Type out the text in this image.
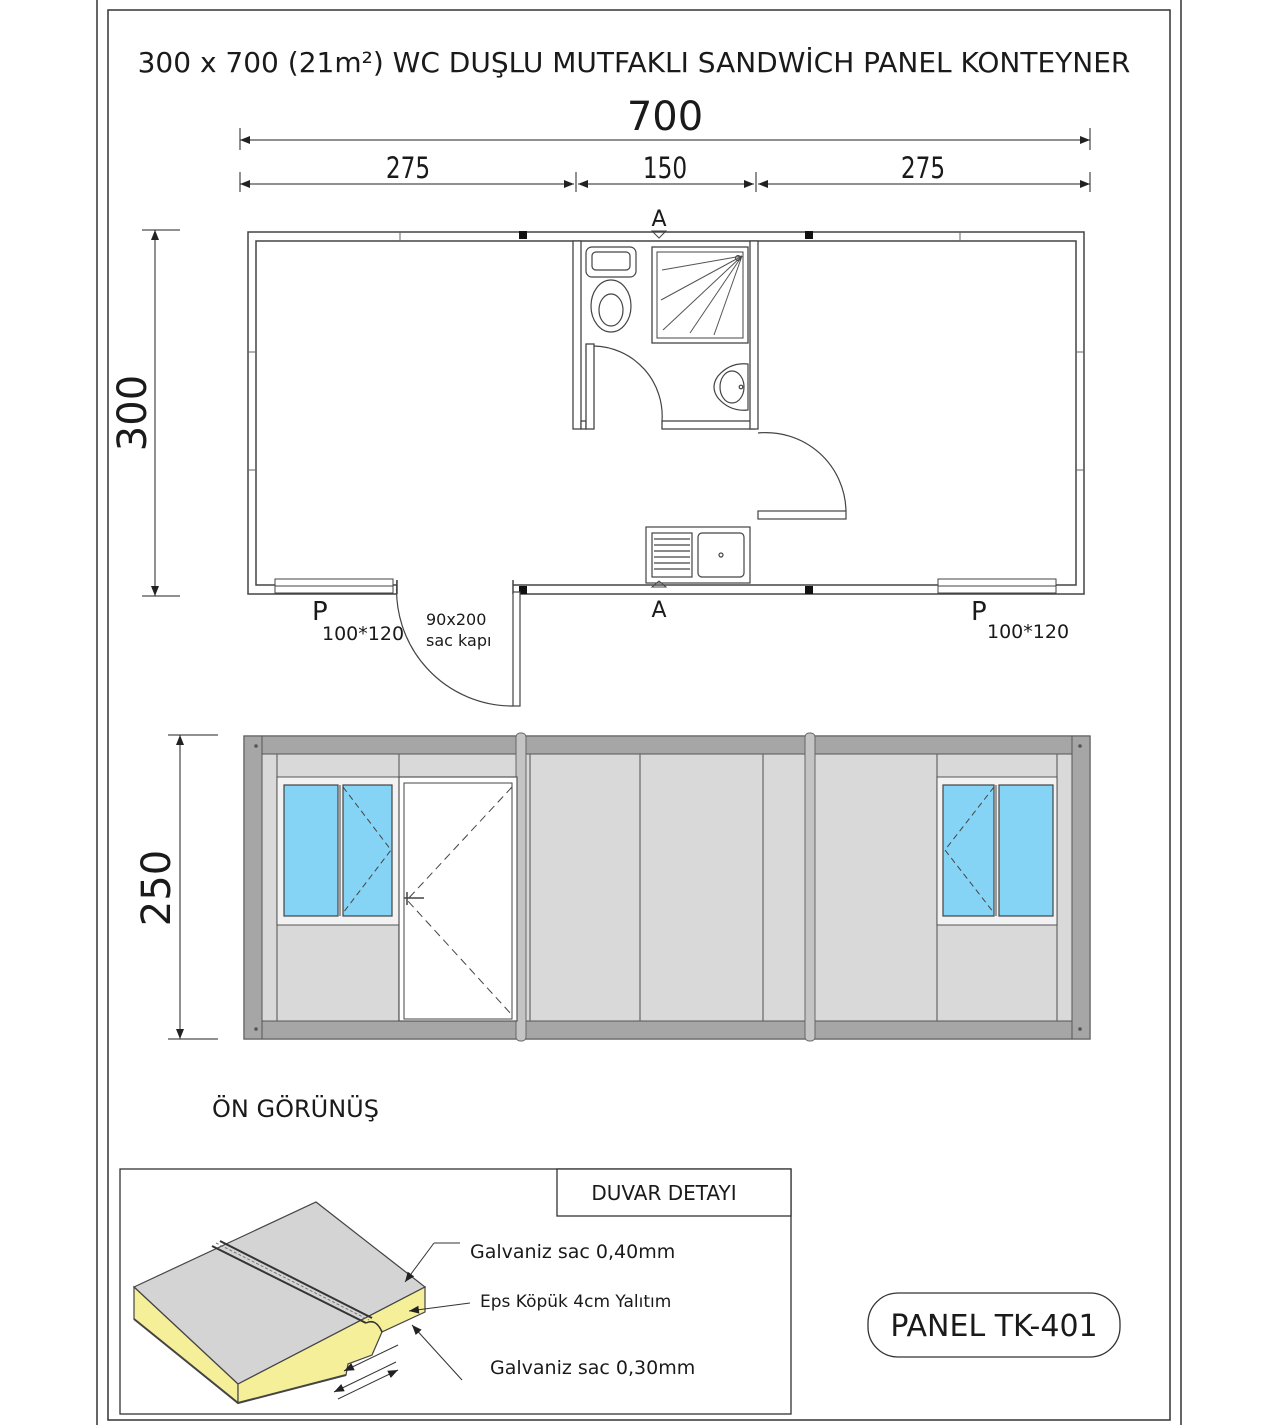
300 x 700 (21m²) WC DUŞLU MUTFAKLI SANDWİCH PANEL KONTEYNER
700
275	150	275
300
A
A
P
100*120
P
100*120
90x200
sac kapı
250
ÖN GÖRÜNÜŞ
DUVAR DETAYI
Galvaniz sac 0,40mm
Eps Köpük 4cm Yalıtım
Galvaniz sac 0,30mm
PANEL TK-401
